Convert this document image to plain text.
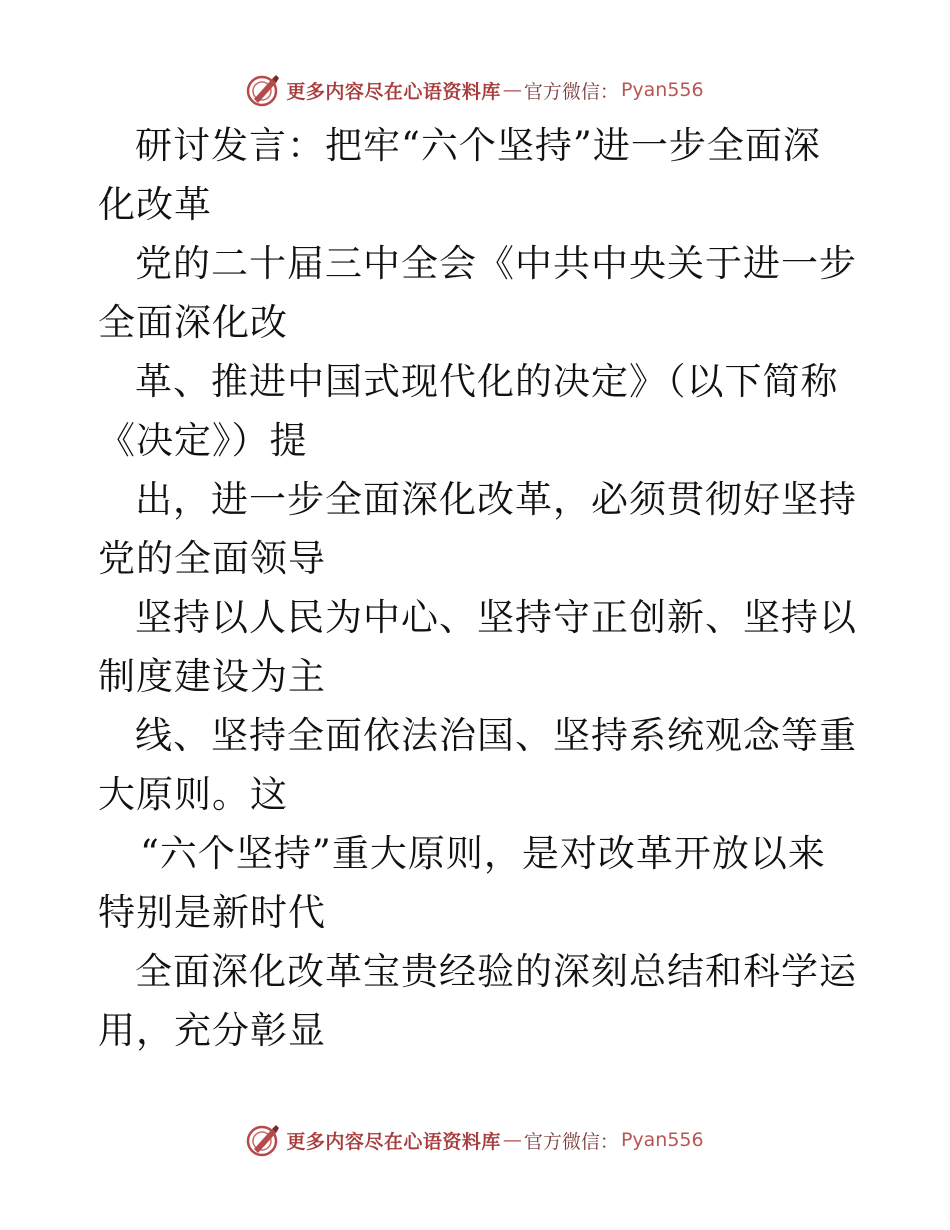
更多内容尽在心语资料库 — 官方微信： Pyan556

研讨发言：把牢“六个坚持”进一步全面深化改革

党的二十届三中全会《中共中央关于进一步全面深化改

革、推进中国式现代化的决定》（以下简称《决定》）提

出，进一步全面深化改革，必须贯彻好坚持党的全面领导

坚持以人民为中心、坚持守正创新、坚持以制度建设为主

线、坚持全面依法治国、坚持系统观念等重大原则。这

“六个坚持”重大原则，是对改革开放以来特别是新时代

全面深化改革宝贵经验的深刻总结和科学运用，充分彰显

更多内容尽在心语资料库 — 官方微信： Pyan556
